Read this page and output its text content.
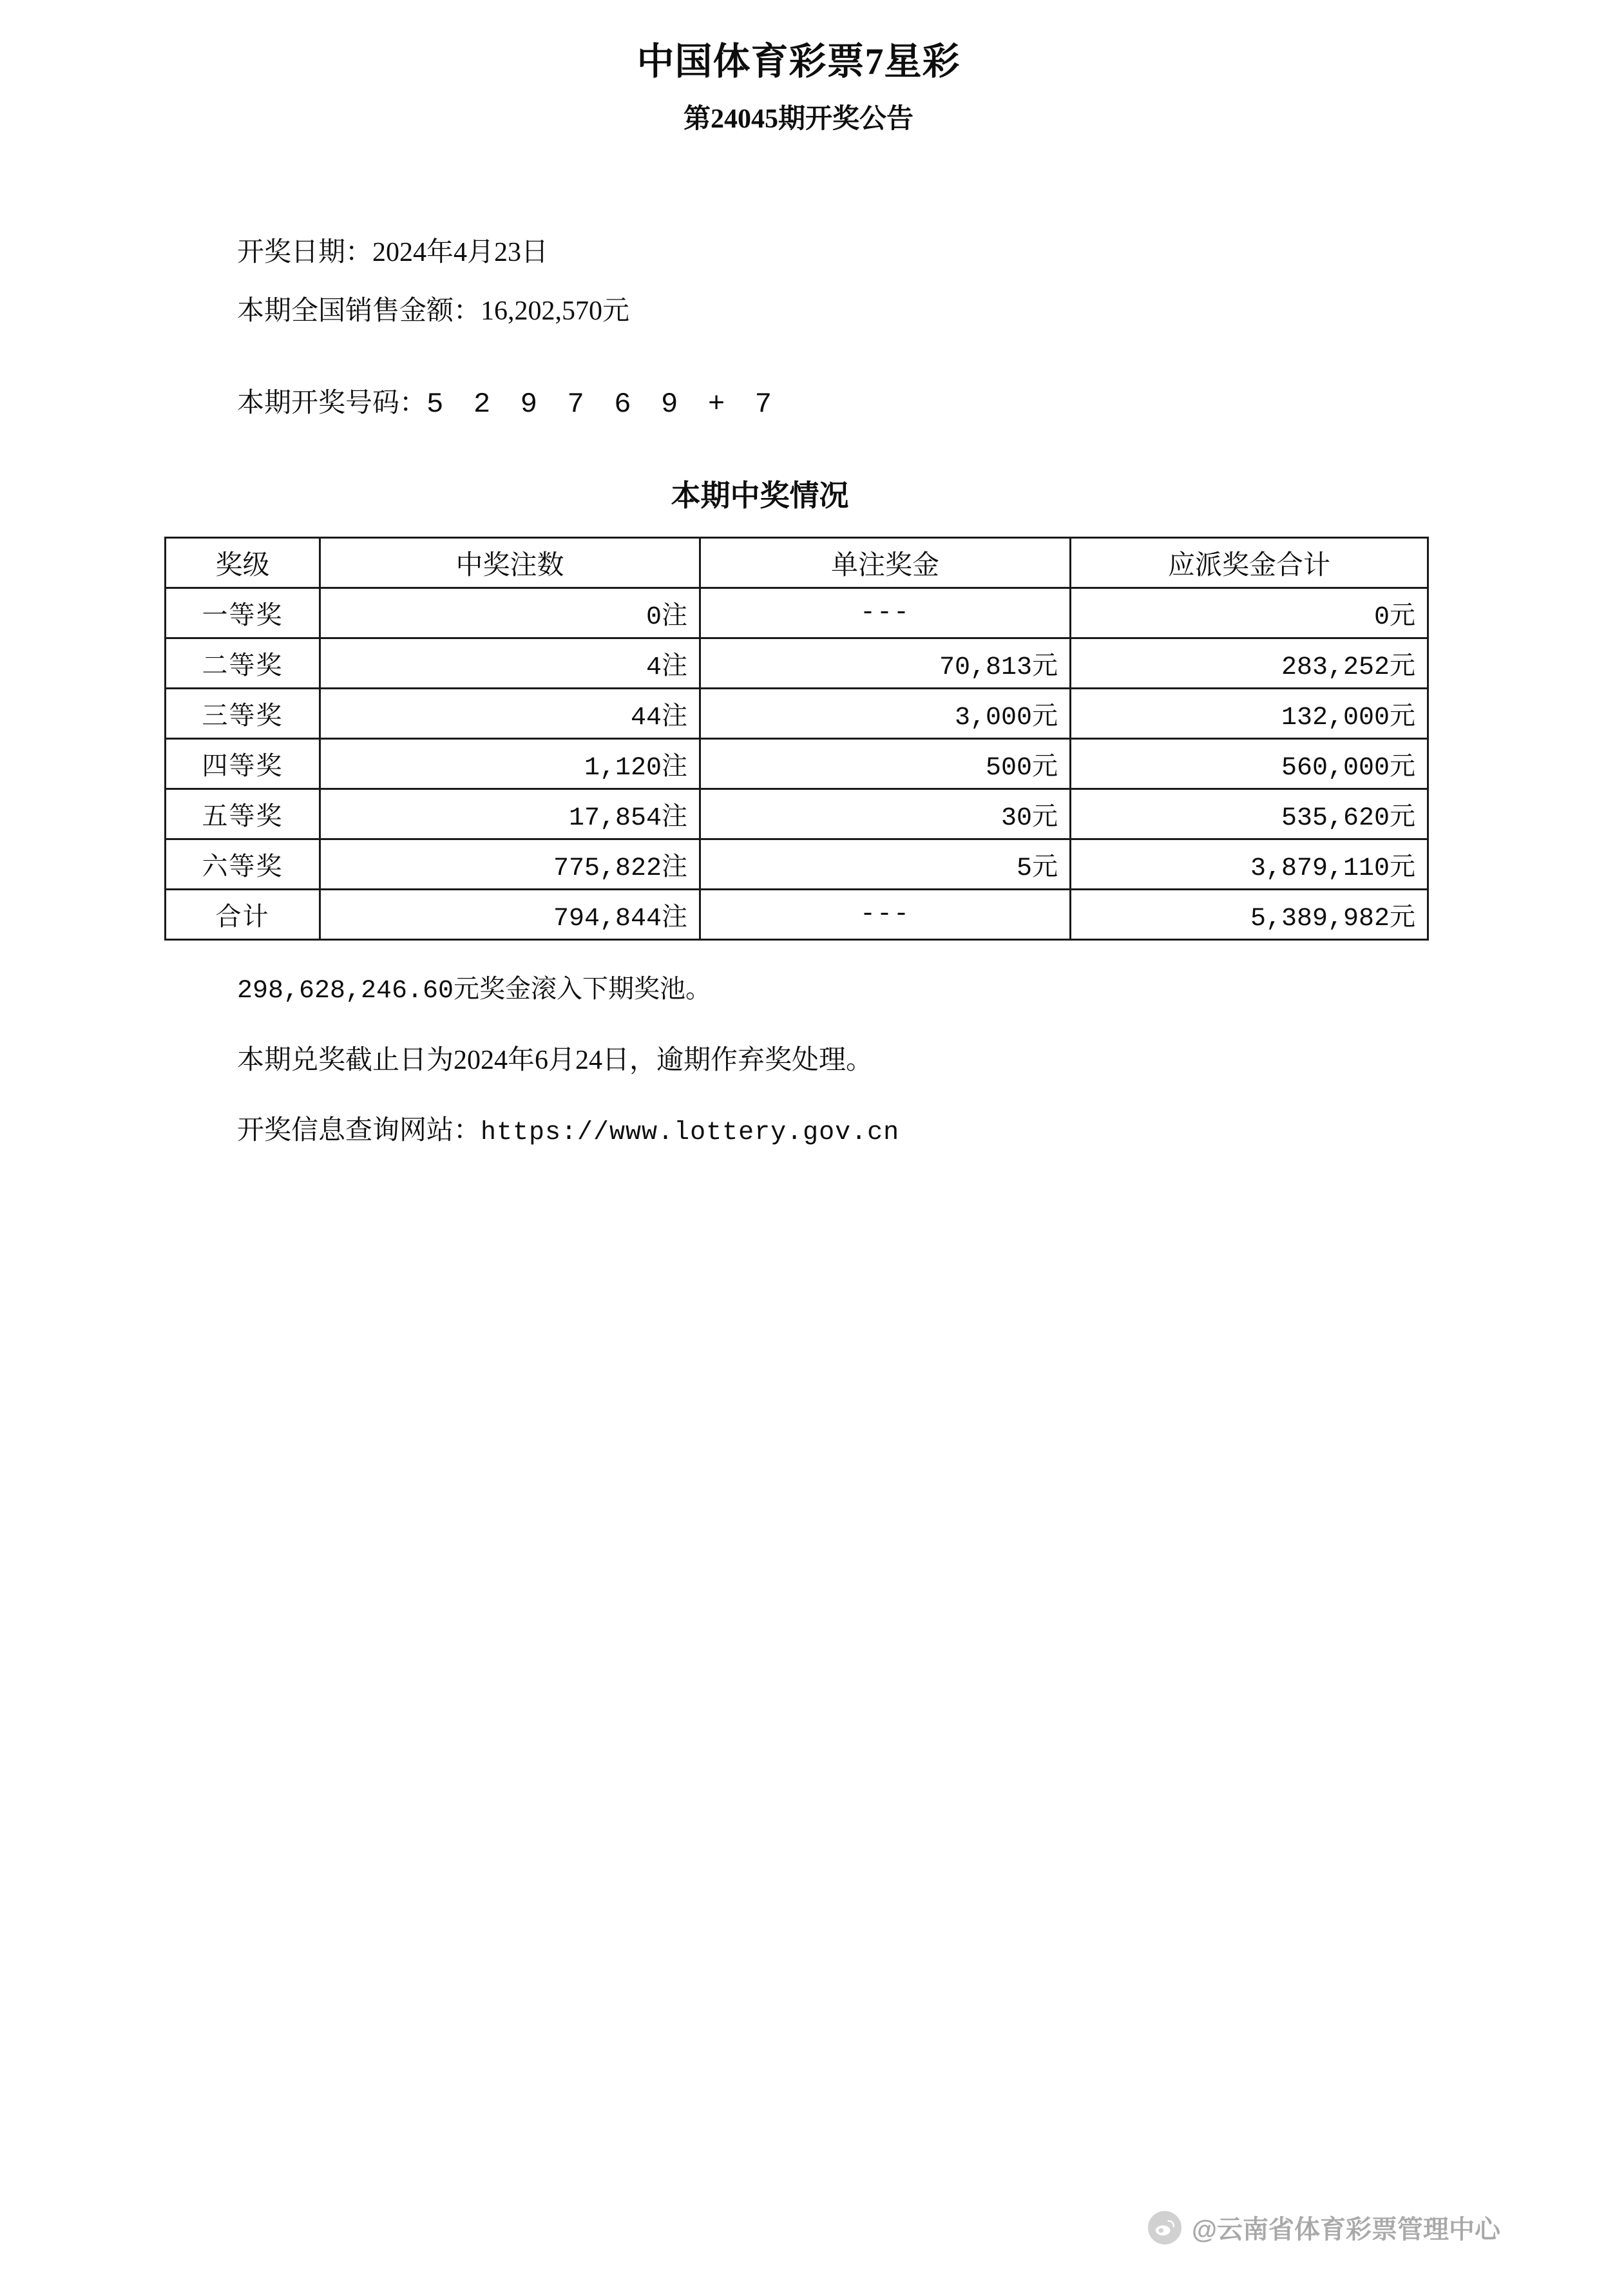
中国体育彩票7星彩
第24045期开奖公告
开奖日期：2024年4月23日
本期全国销售金额：16,202,570元
本期开奖号码：5 2 9 7 6 9 + 7
本期中奖情况
奖级	中奖注数	单注奖金	应派奖金合计
一等奖	0注	---	0元
二等奖	4注	70,813元	283,252元
三等奖	44注	3,000元	132,000元
四等奖	1,120注	500元	560,000元
五等奖	17,854注	30元	535,620元
六等奖	775,822注	5元	3,879,110元
合计	794,844注	---	5,389,982元
298,628,246.60元奖金滚入下期奖池。
本期兑奖截止日为2024年6月24日，逾期作弃奖处理。
开奖信息查询网站：https://www.lottery.gov.cn
@云南省体育彩票管理中心
